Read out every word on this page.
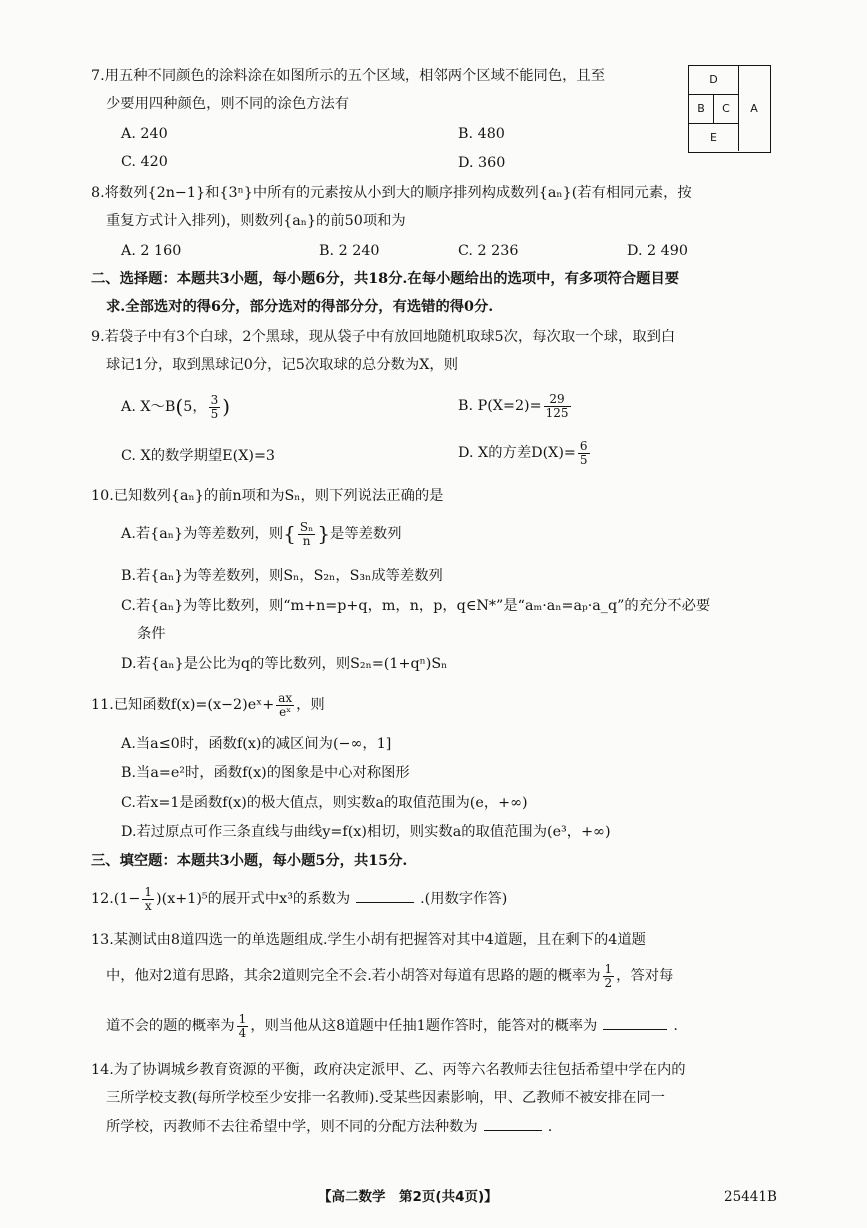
7.用五种不同颜色的涂料涂在如图所示的五个区域，相邻两个区域不能同色，且至
少要用四种颜色，则不同的涂色方法有
A. 240	B. 480
C. 420	D. 360
D
B	C
E
A
8.将数列{2n−1}和{3ⁿ}中所有的元素按从小到大的顺序排列构成数列{aₙ}(若有相同元素，按
重复方式计入排列)，则数列{aₙ}的前50项和为
A. 2 160	B. 2 240	C. 2 236	D. 2 490
二、选择题：本题共3小题，每小题6分，共18分.在每小题给出的选项中，有多项符合题目要
求.全部选对的得6分，部分选对的得部分分，有选错的得0分.
9.若袋子中有3个白球，2个黑球，现从袋子中有放回地随机取球5次，每次取一个球，取到白
球记1分，取到黑球记0分，记5次取球的总分数为X，则
A. X～B(5， $\frac{3}{5}$ )	B. $P(X=2)= \frac{29}{125}$
C. X的数学期望E(X)=3	D. X的方差$D(X)= \frac{6}{5}$
10.已知数列{aₙ}的前n项和为Sₙ，则下列说法正确的是
A.若{aₙ}为等差数列，则{ $\frac{\text{Sₙ}}{n}$ }是等差数列
B.若{aₙ}为等差数列，则Sₙ，S₂ₙ，S₃ₙ成等差数列
C.若{aₙ}为等比数列，则“m+n=p+q，m，n，p，q∈N*”是“aₘ·aₙ=aₚ·a_q”的充分不必要
条件
D.若{aₙ}是公比为q的等比数列，则S₂ₙ=(1+qⁿ)Sₙ
11.已知函数f(x)=(x−2)eˣ+ $\frac{ax}{\text{eˣ}}$ ，则
A.当a≤0时，函数f(x)的减区间为(−∞，1]
B.当a=e²时，函数f(x)的图象是中心对称图形
C.若x=1是函数f(x)的极大值点，则实数a的取值范围为(e，+∞)
D.若过原点可作三条直线与曲线y=f(x)相切，则实数a的取值范围为(e³，+∞)
三、填空题：本题共3小题，每小题5分，共15分.
$12.(1- \frac{1}{x} )(x+1)^5$的展开式中x³的系数为	.(用数字作答)
13.某测试由8道四选一的单选题组成.学生小胡有把握答对其中4道题，且在剩下的4道题
中，他对2道有思路，其余2道则完全不会.若小胡答对每道有思路的题的概率为 $\frac{1}{2}$ ，答对每
道不会的题的概率为 $\frac{1}{4}$ ，则当他从这8道题中任抽1题作答时，能答对的概率为	.
14.为了协调城乡教育资源的平衡，政府决定派甲、乙、丙等六名教师去往包括希望中学在内的
三所学校支教(每所学校至少安排一名教师).受某些因素影响，甲、乙教师不被安排在同一
所学校，丙教师不去往希望中学，则不同的分配方法种数为	.
【高二数学　第2页(共4页)】	25441B
